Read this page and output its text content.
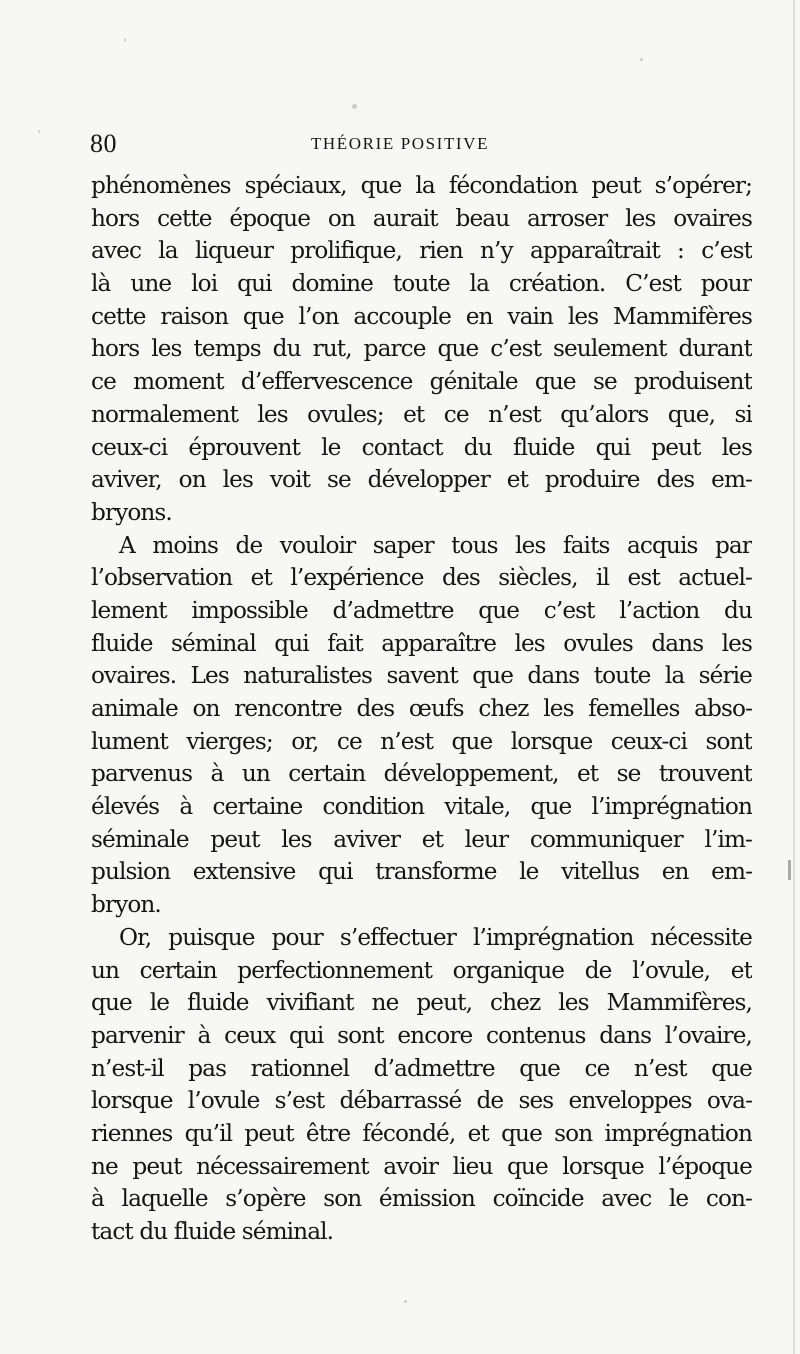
80	THÉORIE POSITIVE
phénomènes spéciaux, que la fécondation peut s’opérer;
hors cette époque on aurait beau arroser les ovaires
avec la liqueur prolifique, rien n’y apparaîtrait : c’est
là une loi qui domine toute la création. C’est pour
cette raison que l’on accouple en vain les Mammifères
hors les temps du rut, parce que c’est seulement durant
ce moment d’effervescence génitale que se produisent
normalement les ovules; et ce n’est qu’alors que, si
ceux-ci éprouvent le contact du fluide qui peut les
aviver, on les voit se développer et produire des em-
bryons.
A moins de vouloir saper tous les faits acquis par
l’observation et l’expérience des siècles, il est actuel-
lement impossible d’admettre que c’est l’action du
fluide séminal qui fait apparaître les ovules dans les
ovaires. Les naturalistes savent que dans toute la série
animale on rencontre des œufs chez les femelles abso-
lument vierges; or, ce n’est que lorsque ceux-ci sont
parvenus à un certain développement, et se trouvent
élevés à certaine condition vitale, que l’imprégnation
séminale peut les aviver et leur communiquer l’im-
pulsion extensive qui transforme le vitellus en em-
bryon.
Or, puisque pour s’effectuer l’imprégnation nécessite
un certain perfectionnement organique de l’ovule, et
que le fluide vivifiant ne peut, chez les Mammifères,
parvenir à ceux qui sont encore contenus dans l’ovaire,
n’est-il pas rationnel d’admettre que ce n’est que
lorsque l’ovule s’est débarrassé de ses enveloppes ova-
riennes qu’il peut être fécondé, et que son imprégnation
ne peut nécessairement avoir lieu que lorsque l’époque
à laquelle s’opère son émission coïncide avec le con-
tact du fluide séminal.
